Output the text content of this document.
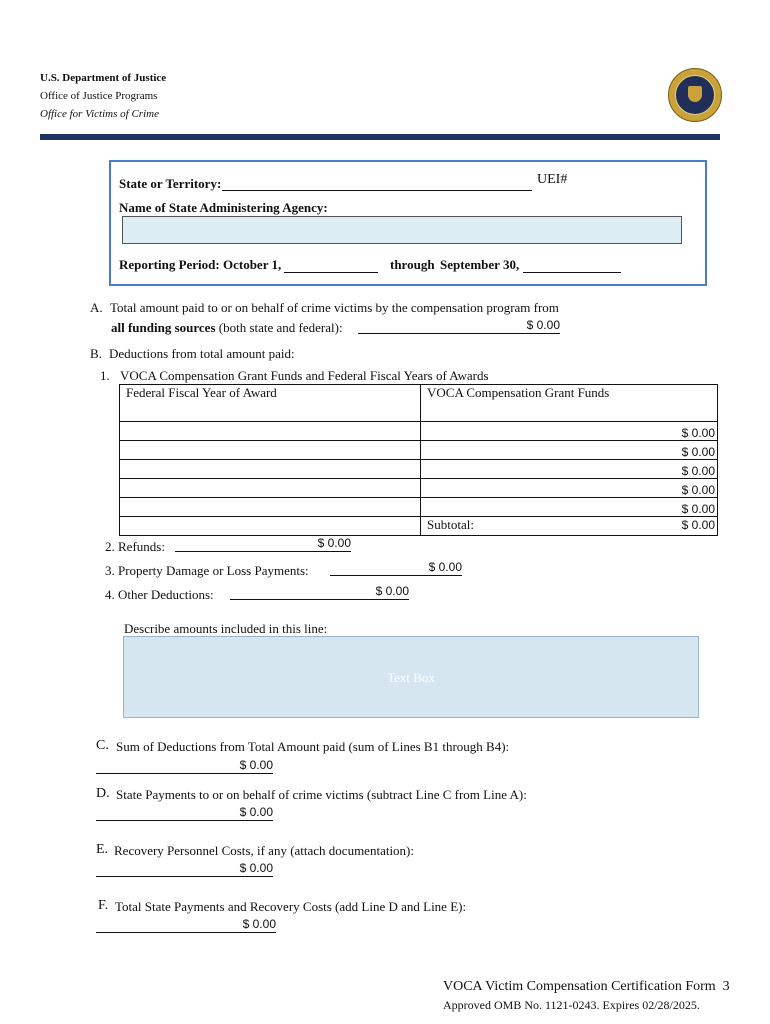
U.S. Department of Justice
Office of Justice Programs
Office for Victims of Crime
State or Territory:	UEI#
Name of State Administering Agency:
Reporting Period: October 1,	through September 30,
A. Total amount paid to or on behalf of crime victims by the compensation program from
all funding sources (both state and federal):	$ 0.00
B. Deductions from total amount paid:
1. VOCA Compensation Grant Funds and Federal Fiscal Years of Awards
Federal Fiscal Year of Award	VOCA Compensation Grant Funds
	$ 0.00
	$ 0.00
	$ 0.00
	$ 0.00
	$ 0.00

	Subtotal: $ 0.00
2. Refunds:	$ 0.00
3. Property Damage or Loss Payments:	$ 0.00
4. Other Deductions:	$ 0.00
Describe amounts included in this line:
Text Box
C. Sum of Deductions from Total Amount paid (sum of Lines B1 through B4):
$ 0.00
D. State Payments to or on behalf of crime victims (subtract Line C from Line A):
$ 0.00
E. Recovery Personnel Costs, if any (attach documentation):
$ 0.00
F. Total State Payments and Recovery Costs (add Line D and Line E):
$ 0.00
VOCA Victim Compensation Certification Form 3
Approved OMB No. 1121-0243. Expires 02/28/2025.
